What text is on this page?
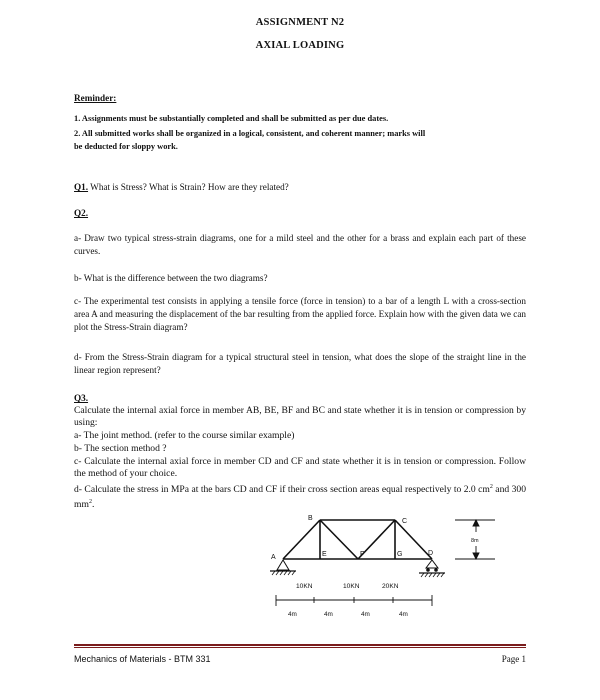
ASSIGNMENT N2
AXIAL LOADING
Reminder:
1. Assignments must be substantially completed and shall be submitted as per due dates.
2. All submitted works shall be organized in a logical, consistent, and coherent manner; marks will
be deducted for sloppy work.
Q1. What is Stress? What is Strain? How are they related?
Q2.
a- Draw two typical stress-strain diagrams, one for a mild steel and the other for a brass and explain each part of these curves.
b- What is the difference between the two diagrams?
c- The experimental test consists in applying a tensile force (force in tension) to a bar of a length L with a cross-section area A and measuring the displacement of the bar resulting from the applied force. Explain how with the given data we can plot the Stress-Strain diagram?
d- From the Stress-Strain diagram for a typical structural steel in tension, what does the slope of the straight line in the linear region represent?
Q3.
Calculate the internal axial force in member AB, BE, BF and BC and state whether it is in tension or compression by using:
a- The joint method. (refer to the course similar example)
b- The section method ?
c- Calculate the internal axial force in member CD and CF and state whether it is in tension or compression. Follow the method of your choice.
d- Calculate the stress in MPa at the bars CD and CF if their cross section areas equal respectively to 2.0 $cm^2$ and 300 $mm^2$.
A
B	C
D
E	F	G
8m
10KN	10KN	20KN
4m	4m	4m	4m
Mechanics of Materials - BTM 331	Page 1
